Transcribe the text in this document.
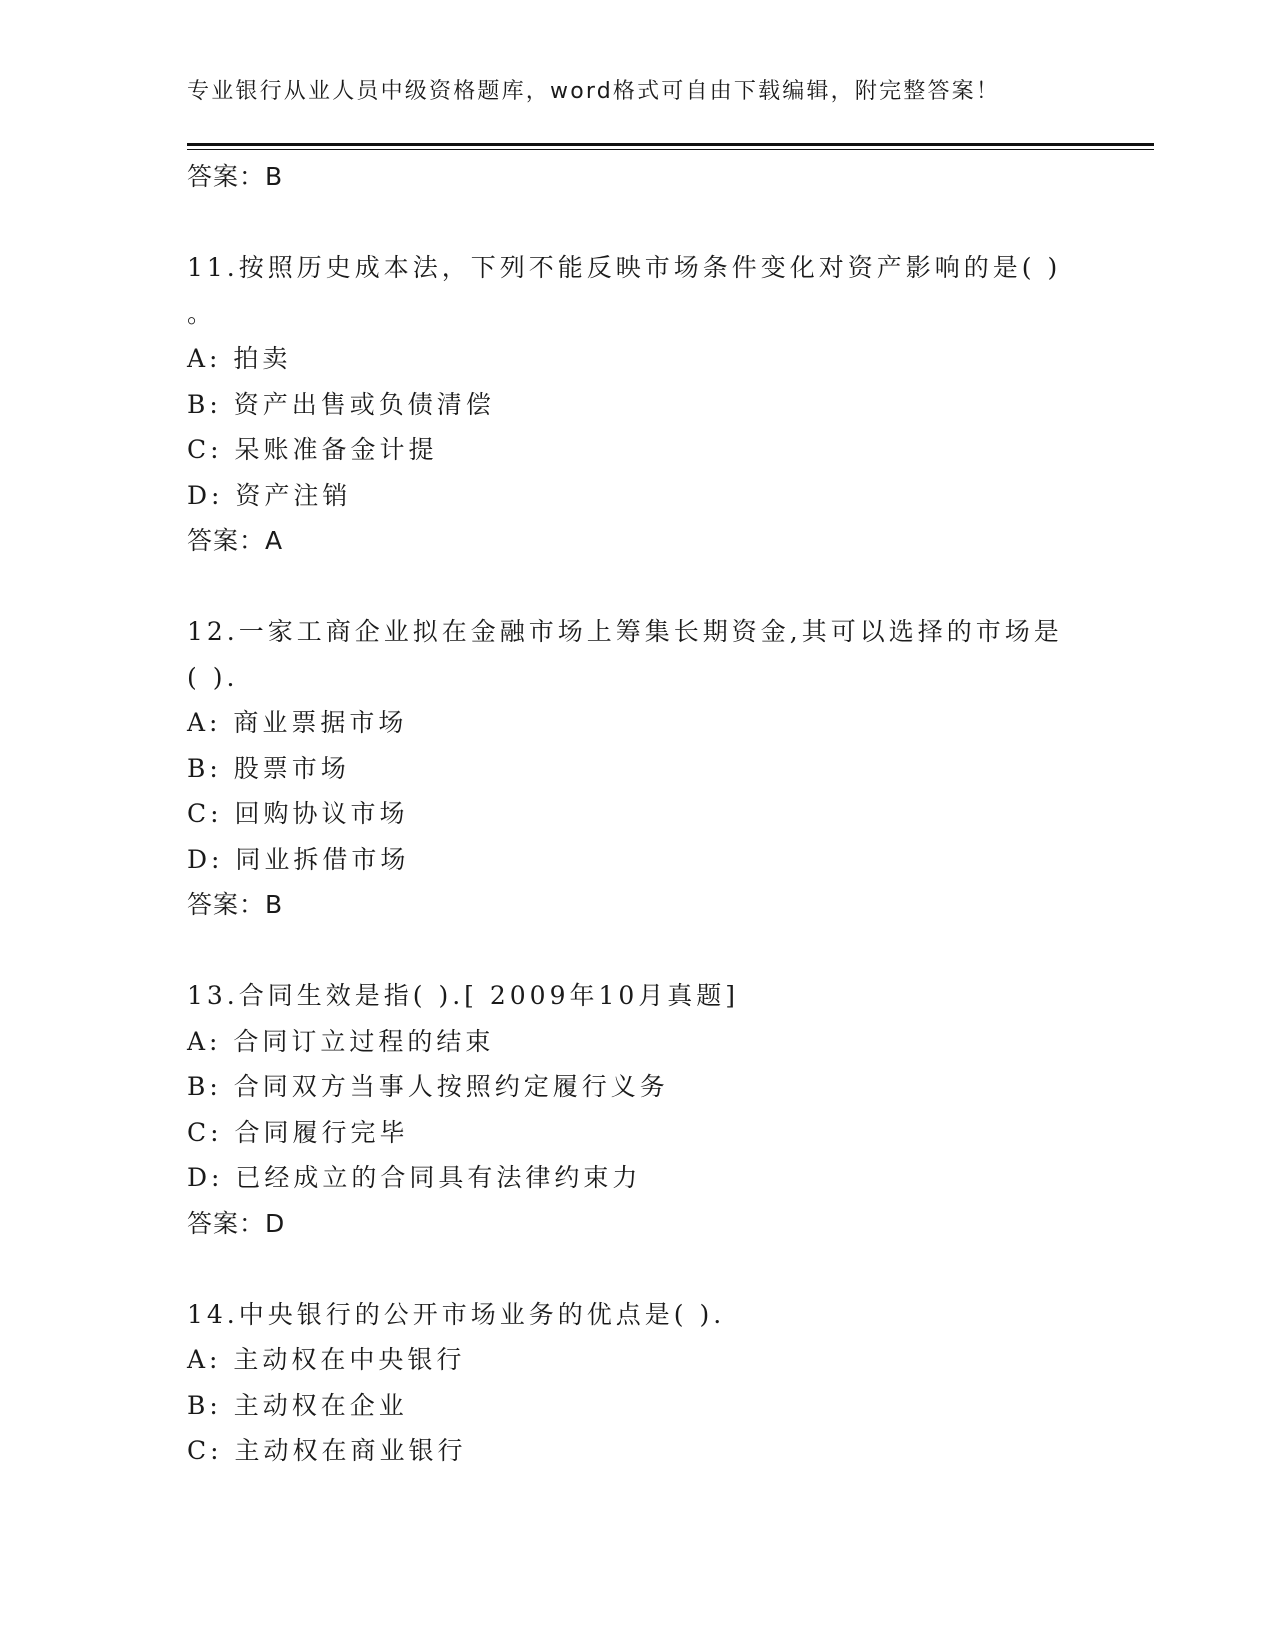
专业银行从业人员中级资格题库，word格式可自由下载编辑，附完整答案！
答案：B
11.按照历史成本法，下列不能反映市场条件变化对资产影响的是( )
。
A: 拍卖
B: 资产出售或负债清偿
C: 呆账准备金计提
D: 资产注销
答案：A
12.一家工商企业拟在金融市场上筹集长期资金,其可以选择的市场是
( ).
A: 商业票据市场
B: 股票市场
C: 回购协议市场
D: 同业拆借市场
答案：B
13.合同生效是指( ).[ 2009年10月真题]
A: 合同订立过程的结束
B: 合同双方当事人按照约定履行义务
C: 合同履行完毕
D: 已经成立的合同具有法律约束力
答案：D
14.中央银行的公开市场业务的优点是( ).
A: 主动权在中央银行
B: 主动权在企业
C: 主动权在商业银行
